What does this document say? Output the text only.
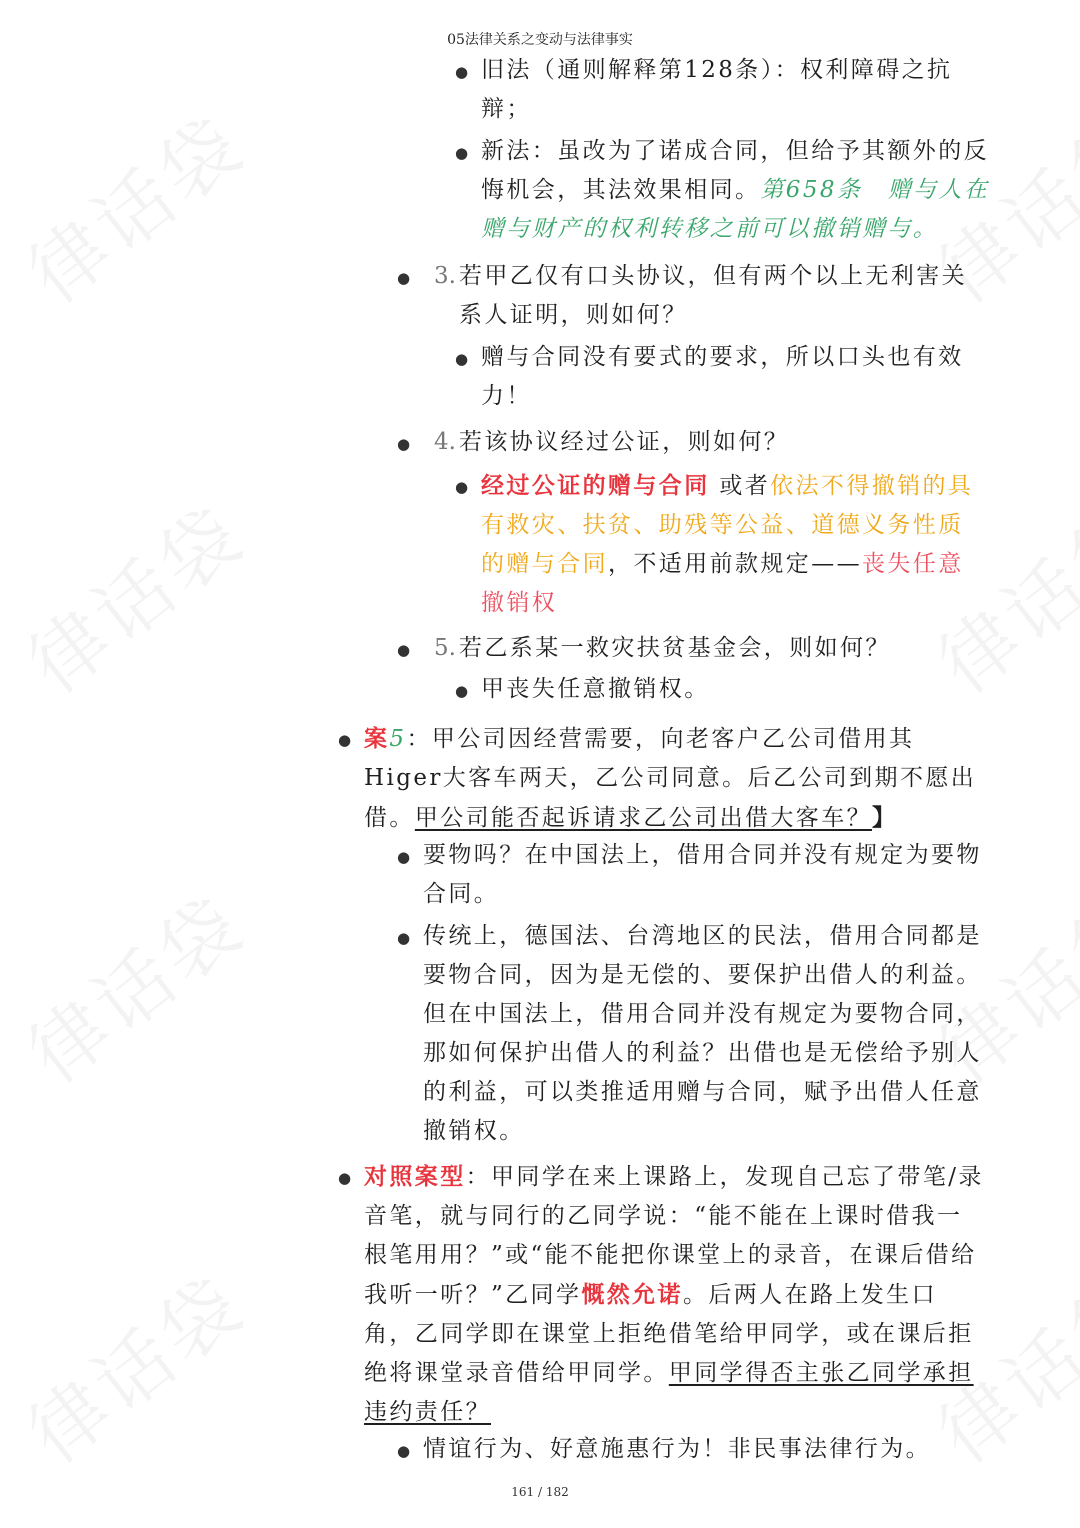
05法律关系之变动与法律事实
● 旧法（通则解释第128条）：权利障碍之抗辩；
● 新法：虽改为了诺成合同，但给予其额外的反悔机会，其法效果相同。第658条　赠与人在赠与财产的权利转移之前可以撤销赠与。
● 3. 若甲乙仅有口头协议，但有两个以上无利害关系人证明，则如何？
● 赠与合同没有要式的要求，所以口头也有效力！
● 4. 若该协议经过公证，则如何？
● 经过公证的赠与合同 或者依法不得撤销的具有救灾、扶贫、助残等公益、道德义务性质的赠与合同，不适用前款规定——丧失任意撤销权
● 5. 若乙系某一救灾扶贫基金会，则如何？
● 甲丧失任意撤销权。
● 案5：甲公司因经营需要，向老客户乙公司借用其Higer大客车两天，乙公司同意。后乙公司到期不愿出借。甲公司能否起诉请求乙公司出借大客车？】
● 要物吗？在中国法上，借用合同并没有规定为要物合同。
● 传统上，德国法、台湾地区的民法，借用合同都是要物合同，因为是无偿的、要保护出借人的利益。但在中国法上，借用合同并没有规定为要物合同，那如何保护出借人的利益？出借也是无偿给予别人的利益，可以类推适用赠与合同，赋予出借人任意撤销权。
● 对照案型：甲同学在来上课路上，发现自己忘了带笔/录音笔，就与同行的乙同学说：“能不能在上课时借我一根笔用用？”或“能不能把你课堂上的录音，在课后借给我听一听？”乙同学慨然允诺。后两人在路上发生口角，乙同学即在课堂上拒绝借笔给甲同学，或在课后拒绝将课堂录音借给甲同学。甲同学得否主张乙同学承担违约责任？
● 情谊行为、好意施惠行为！非民事法律行为。
161 / 182
